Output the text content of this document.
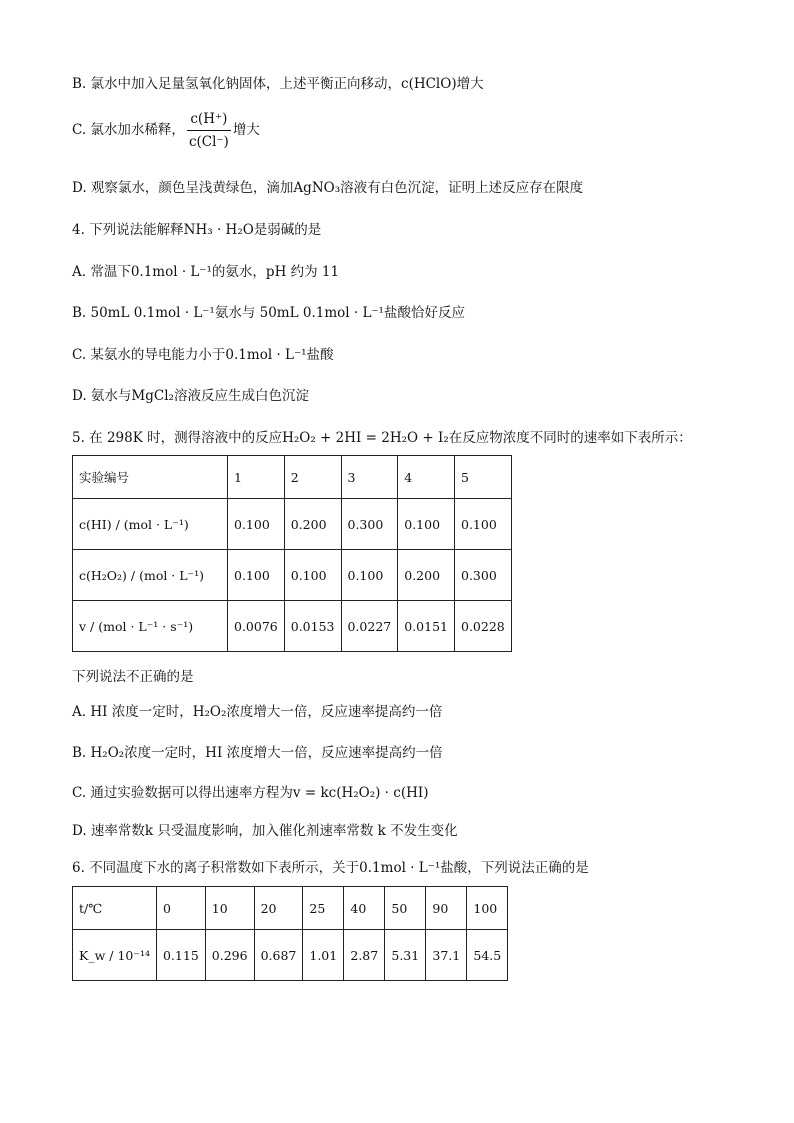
B. 氯水中加入足量氢氧化钠固体，上述平衡正向移动，c(HClO)增大
C. 氯水加水稀释， $\frac{c(H^+)}{c(Cl^-)}$ 增大
D. 观察氯水，颜色呈浅黄绿色，滴加AgNO₃溶液有白色沉淀，证明上述反应存在限度
4. 下列说法能解释NH₃ · H₂O是弱碱的是
A. 常温下0.1mol · L⁻¹的氨水，pH 约为 11
B. 50mL 0.1mol · L⁻¹氨水与 50mL 0.1mol · L⁻¹盐酸恰好反应
C. 某氨水的导电能力小于0.1mol · L⁻¹盐酸
D. 氨水与MgCl₂溶液反应生成白色沉淀
5. 在 298K 时，测得溶液中的反应H₂O₂ + 2HI = 2H₂O + I₂在反应物浓度不同时的速率如下表所示：
实验编号	1	2	3	4	5
c(HI) / (mol · L⁻¹)	0.100	0.200	0.300	0.100	0.100
c(H₂O₂) / (mol · L⁻¹)	0.100	0.100	0.100	0.200	0.300
v / (mol · L⁻¹ · s⁻¹)	0.0076	0.0153	0.0227	0.0151	0.0228
下列说法不正确的是
A. HI 浓度一定时，H₂O₂浓度增大一倍，反应速率提高约一倍
B. H₂O₂浓度一定时，HI 浓度增大一倍，反应速率提高约一倍
C. 通过实验数据可以得出速率方程为v = kc(H₂O₂) · c(HI)
D. 速率常数k 只受温度影响，加入催化剂速率常数 k 不发生变化
6. 不同温度下水的离子积常数如下表所示，关于0.1mol · L⁻¹盐酸，下列说法正确的是
t/℃	0	10	20	25	40	50	90	100
K_w / 10⁻¹⁴	0.115	0.296	0.687	1.01	2.87	5.31	37.1	54.5
